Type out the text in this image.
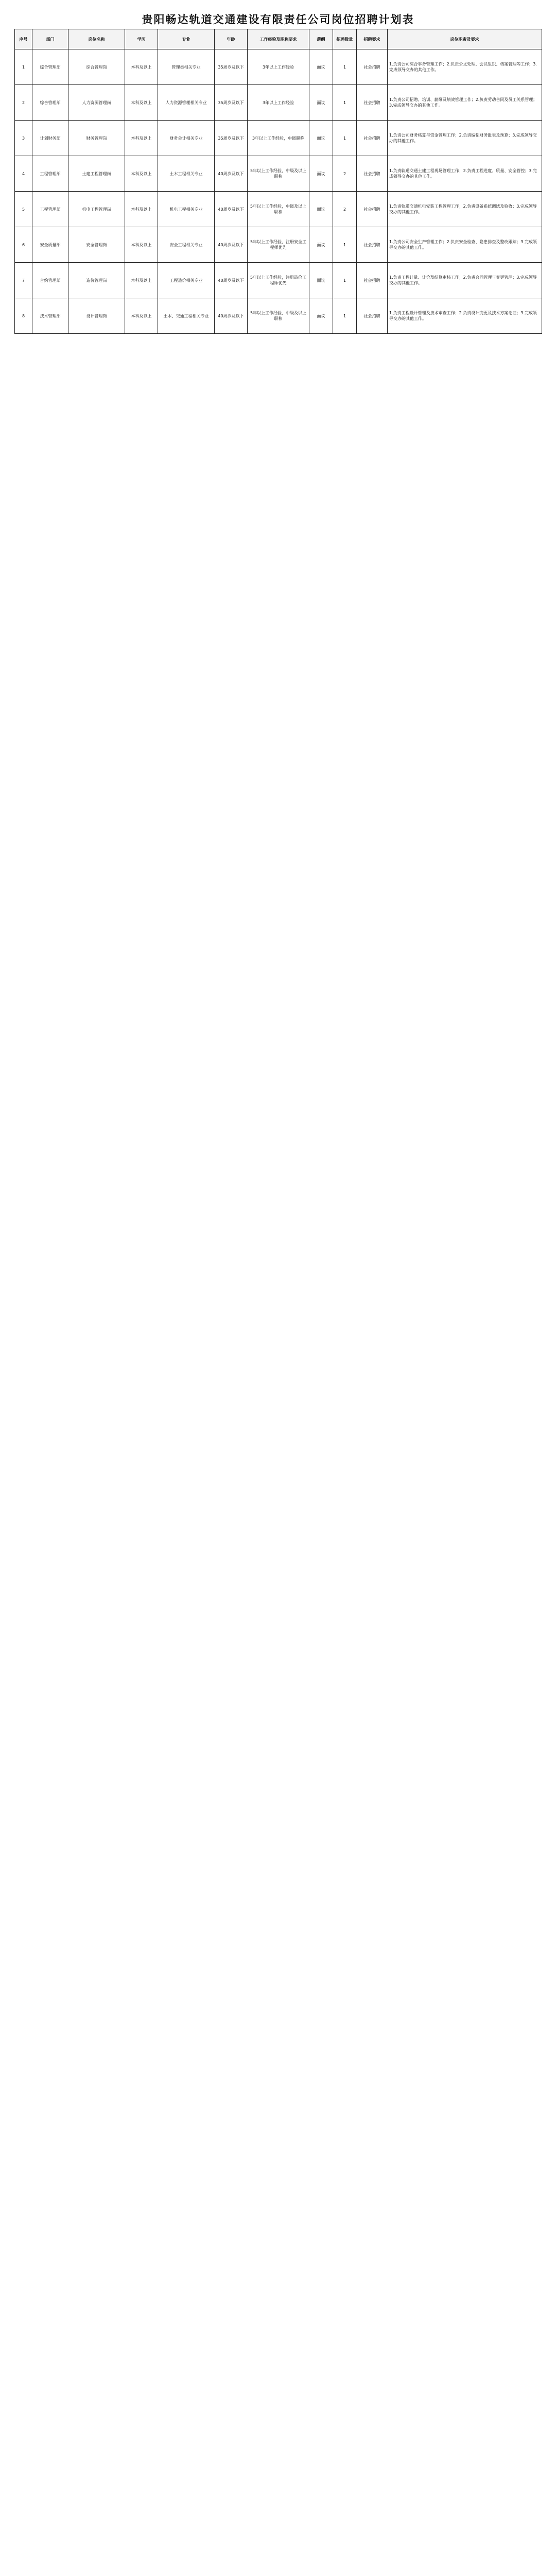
贵阳畅达轨道交通建设有限责任公司岗位招聘计划表
序号	部门	岗位名称	学历	专业	年龄	工作经验及职称要求	薪酬	招聘数量	招聘要求	岗位职责及要求
1	综合管理部	综合管理岗	本科及以上	管理类相关专业	35周岁及以下	3年以上工作经验	面议	1	社会招聘	1.负责公司综合事务管理工作；2.负责公文处理、会议组织、档案管理等工作；3.完成领导交办的其他工作。
2	综合管理部	人力资源管理岗	本科及以上	人力资源管理相关专业	35周岁及以下	3年以上工作经验	面议	1	社会招聘	1.负责公司招聘、培训、薪酬及绩效管理工作；2.负责劳动合同及员工关系管理；3.完成领导交办的其他工作。
3	计划财务部	财务管理岗	本科及以上	财务会计相关专业	35周岁及以下	3年以上工作经验，中级职称	面议	1	社会招聘	1.负责公司财务核算与资金管理工作；2.负责编制财务报表及预算；3.完成领导交办的其他工作。
4	工程管理部	土建工程管理岗	本科及以上	土木工程相关专业	40周岁及以下	5年以上工作经验，中级及以上职称	面议	2	社会招聘	1.负责轨道交通土建工程现场管理工作；2.负责工程进度、质量、安全管控；3.完成领导交办的其他工作。
5	工程管理部	机电工程管理岗	本科及以上	机电工程相关专业	40周岁及以下	5年以上工作经验，中级及以上职称	面议	2	社会招聘	1.负责轨道交通机电安装工程管理工作；2.负责设备系统调试及验收；3.完成领导交办的其他工作。
6	安全质量部	安全管理岗	本科及以上	安全工程相关专业	40周岁及以下	5年以上工作经验，注册安全工程师优先	面议	1	社会招聘	1.负责公司安全生产管理工作；2.负责安全检查、隐患排查及整改跟踪；3.完成领导交办的其他工作。
7	合约管理部	造价管理岗	本科及以上	工程造价相关专业	40周岁及以下	5年以上工作经验，注册造价工程师优先	面议	1	社会招聘	1.负责工程计量、计价及结算审核工作；2.负责合同管理与变更管理；3.完成领导交办的其他工作。
8	技术管理部	设计管理岗	本科及以上	土木、交通工程相关专业	40周岁及以下	5年以上工作经验，中级及以上职称	面议	1	社会招聘	1.负责工程设计管理及技术审查工作；2.负责设计变更及技术方案论证；3.完成领导交办的其他工作。
